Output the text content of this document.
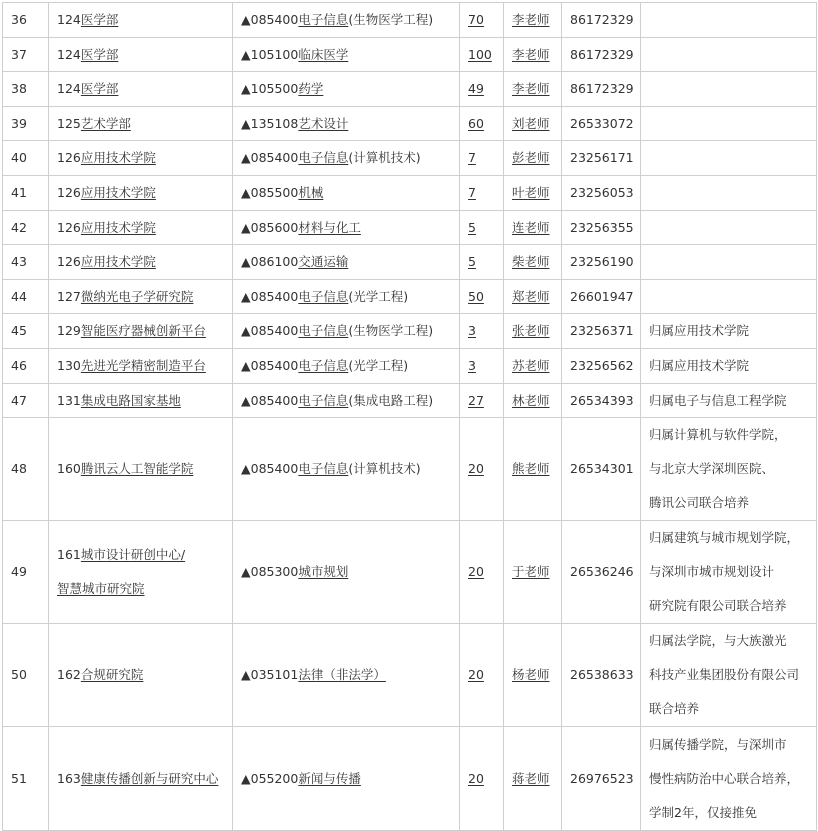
36	124医学部	▲085400电子信息(生物医学工程)	70	李老师	86172329	
37	124医学部	▲105100临床医学	100	李老师	86172329	
38	124医学部	▲105500药学	49	李老师	86172329	
39	125艺术学部	▲135108艺术设计	60	刘老师	26533072	
40	126应用技术学院	▲085400电子信息(计算机技术)	7	彭老师	23256171	
41	126应用技术学院	▲085500机械	7	叶老师	23256053	
42	126应用技术学院	▲085600材料与化工	5	连老师	23256355	
43	126应用技术学院	▲086100交通运输	5	柴老师	23256190	
44	127微纳光电子学研究院	▲085400电子信息(光学工程)	50	郑老师	26601947	
45	129智能医疗器械创新平台	▲085400电子信息(生物医学工程)	3	张老师	23256371	归属应用技术学院

46	130先进光学精密制造平台	▲085400电子信息(光学工程)	3	苏老师	23256562	归属应用技术学院

47	131集成电路国家基地	▲085400电子信息(集成电路工程)	27	林老师	26534393	归属电子与信息工程学院

48	160腾讯云人工智能学院	▲085400电子信息(计算机技术)	20	熊老师	26534301	归属计算机与软件学院，
与北京大学深圳医院、
腾讯公司联合培养

49	161城市设计研创中心/
智慧城市研究院	▲085300城市规划	20	于老师	26536246	归属建筑与城市规划学院，
与深圳市城市规划设计
研究院有限公司联合培养

50	162合规研究院	▲035101法律（非法学）	20	杨老师	26538633	归属法学院，与大族激光
科技产业集团股份有限公司
联合培养

51	163健康传播创新与研究中心	▲055200新闻与传播	20	蒋老师	26976523	归属传播学院，与深圳市
慢性病防治中心联合培养，
学制2年，仅接推免
